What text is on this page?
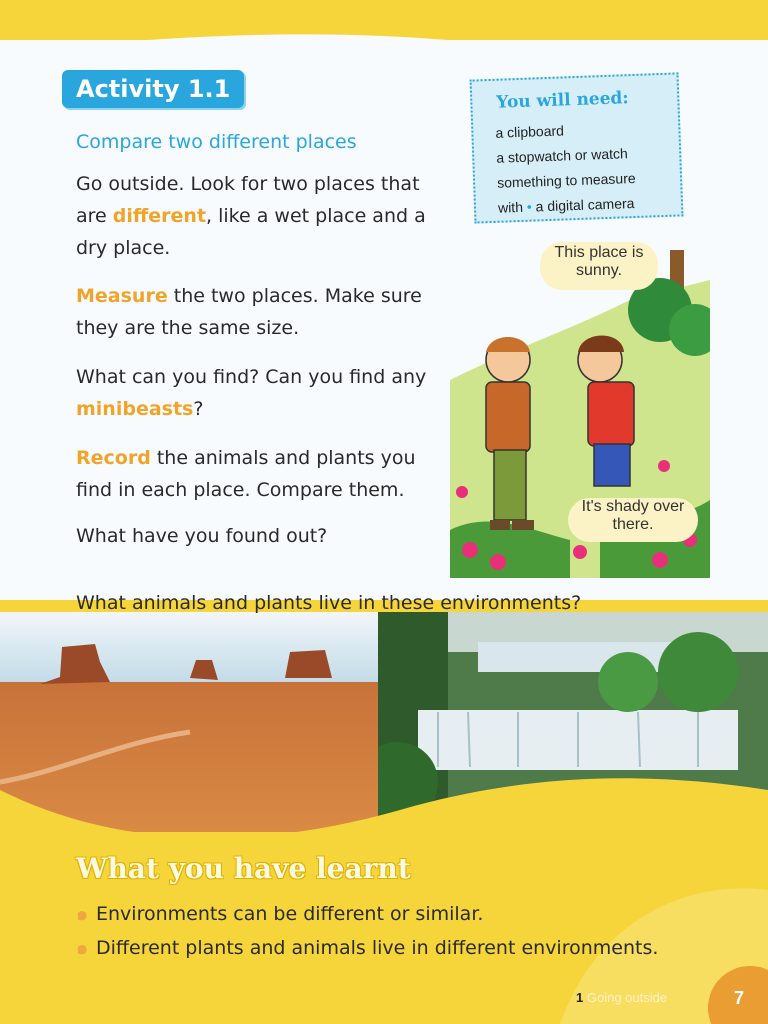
Activity 1.1
Compare two different places
Go outside. Look for two places that are different, like a wet place and a dry place.
Measure the two places. Make sure they are the same size.
What can you find? Can you find any minibeasts?
Record the animals and plants you find in each place. Compare them.
What have you found out?
You will need:
a clipboard
a stopwatch or watch
something to measure
with • a digital camera
This place is sunny.
It's shady over there.
What animals and plants live in these environments?
What you have learnt
๑ Environments can be different or similar.
๑ Different plants and animals live in different environments.
1 Going outside	7
